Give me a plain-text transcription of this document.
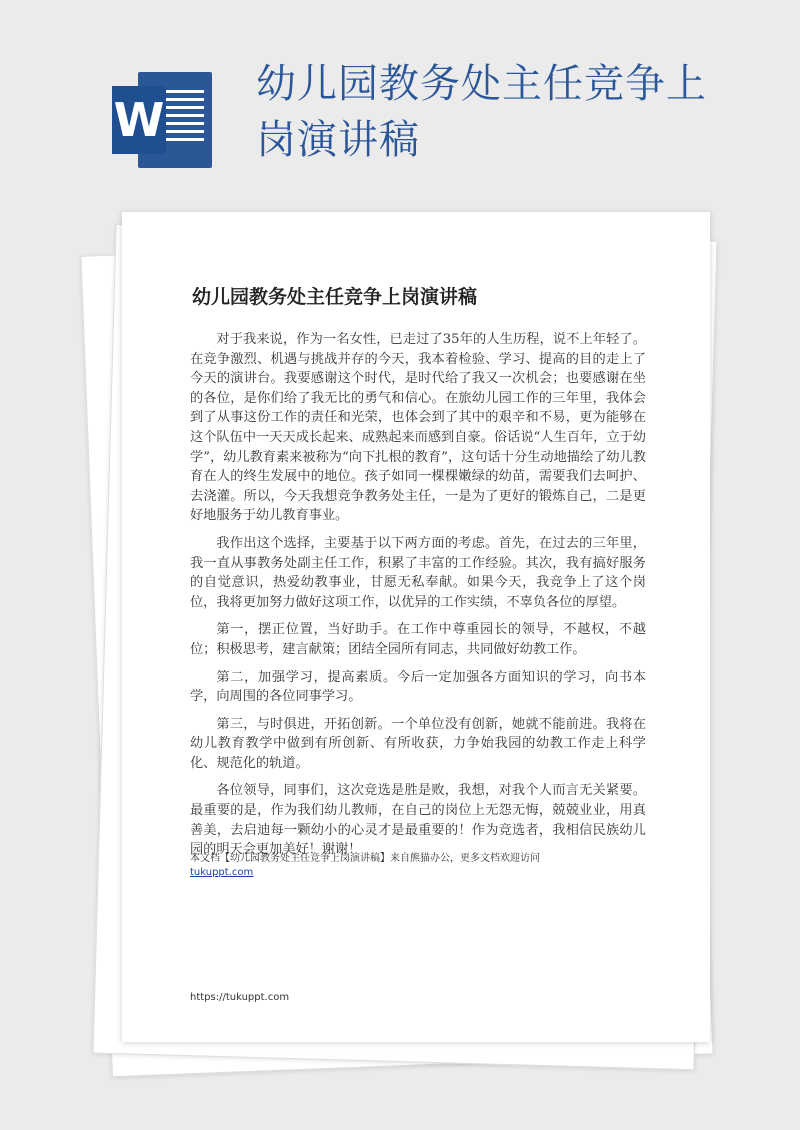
W
幼儿园教务处主任竞争上岗演讲稿
幼儿园教务处主任竞争上岗演讲稿

对于我来说，作为一名女性，已走过了35年的人生历程，说不上年轻了。在竞争激烈、机遇与挑战并存的今天，我本着检验、学习、提高的目的走上了今天的演讲台。我要感谢这个时代，是时代给了我又一次机会；也要感谢在坐的各位，是你们给了我无比的勇气和信心。在旅幼儿园工作的三年里，我体会到了从事这份工作的责任和光荣，也体会到了其中的艰辛和不易，更为能够在这个队伍中一天天成长起来、成熟起来而感到自豪。俗话说“人生百年，立于幼学”，幼儿教育素来被称为“向下扎根的教育”，这句话十分生动地描绘了幼儿教育在人的终生发展中的地位。孩子如同一棵棵嫩绿的幼苗，需要我们去呵护、去浇灌。所以，今天我想竞争教务处主任，一是为了更好的锻炼自己，二是更好地服务于幼儿教育事业。

我作出这个选择，主要基于以下两方面的考虑。首先，在过去的三年里，我一直从事教务处副主任工作，积累了丰富的工作经验。其次，我有搞好服务的自觉意识，热爱幼教事业，甘愿无私奉献。如果今天，我竞争上了这个岗位，我将更加努力做好这项工作，以优异的工作实绩，不辜负各位的厚望。

第一，摆正位置，当好助手。在工作中尊重园长的领导，不越权，不越位；积极思考，建言献策；团结全园所有同志，共同做好幼教工作。

第二，加强学习，提高素质。今后一定加强各方面知识的学习，向书本学，向周围的各位同事学习。

第三，与时俱进，开拓创新。一个单位没有创新，她就不能前进。我将在幼儿教育教学中做到有所创新、有所收获，力争始我园的幼教工作走上科学化、规范化的轨道。

各位领导，同事们，这次竞选是胜是败，我想，对我个人而言无关紧要。最重要的是，作为我们幼儿教师，在自己的岗位上无怨无悔，兢兢业业，用真善美，去启迪每一颗幼小的心灵才是最重要的！作为竞选者，我相信民族幼儿园的明天会更加美好！谢谢！

本文档【幼儿园教务处主任竞争上岗演讲稿】来自熊猫办公，更多文档欢迎访问
tukuppt.com
https://tukuppt.com
